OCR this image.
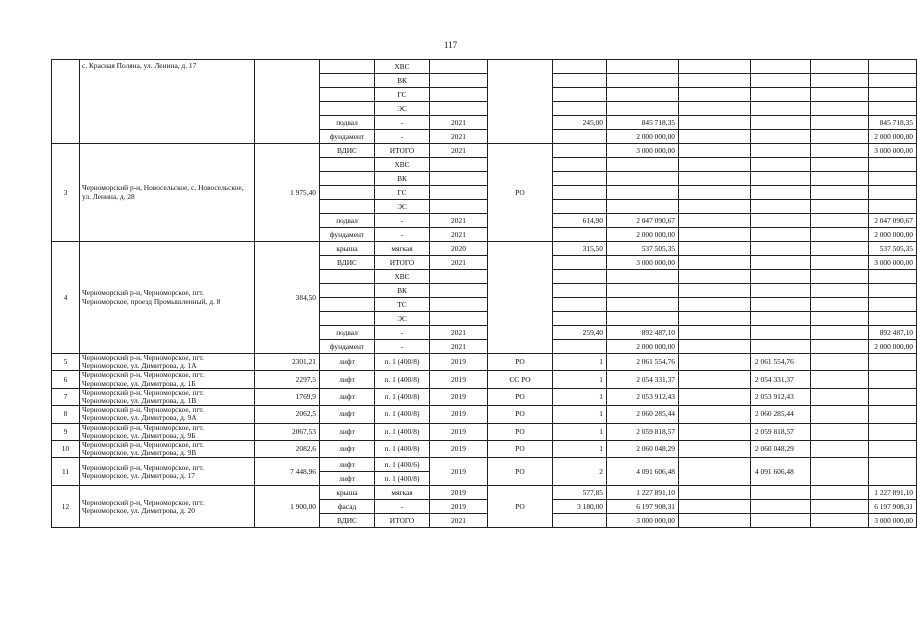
117
	с. Красная Поляна, ул. Ленина, д. 17			ХВС								
				ВК								
				ГС								
				ЭС								
			подвал	-	2021		245,00	845 718,35				845 718,35
			фундамент	-	2021			2 000 000,00				2 000 000,00
3	Черноморский р-н, Новосельское, с. Новосельское, ул. Ленина, д. 28	1 975,40	ВДИС	ИТОГО	2021	РО		3 000 000,00				3 000 000,00
				ХВС								
				ВК								
				ГС								
				ЭС								
			подвал	-	2021		614,90	2 047 090,67				2 047 090,67
			фундамент	-	2021			2 000 000,00				2 000 000,00
4	Черноморский р-н, Черноморское, пгт. Черноморское, проезд Промышленный, д. 8	384,50	крыша	мягкая	2020		315,50	537 505,35				537 505,35
			ВДИС	ИТОГО	2021			3 000 000,00				3 000 000,00
				ХВС								
				ВК								
				ТС								
				ЭС								
			подвал	-	2021		259,40	892 487,10				892 487,10
			фундамент	-	2021			2 000 000,00				2 000 000,00
5	Черноморский р-н, Черноморское, пгт. Черноморское, ул. Димитрова, д. 1А	2301,21	лифт	п. 1 (400/8)	2019	РО	1	2 061 554,76		2 061 554,76		
6	Черноморский р-н, Черноморское, пгт. Черноморское, ул. Димитрова, д. 1Б	2297,5	лифт	п. 1 (400/8)	2019	СС РО	1	2 054 331,37		2 054 331,37		
7	Черноморский р-н, Черноморское, пгт. Черноморское, ул. Димитрова, д. 1В	1769,9	лифт	п. 1 (400/8)	2019	РО	1	2 053 912,43		2 053 912,43		
8	Черноморский р-н, Черноморское, пгт. Черноморское, ул. Димитрова, д. 9А	2062,5	лифт	п. 1 (400/8)	2019	РО	1	2 060 285,44		2 060 285,44		
9	Черноморский р-н, Черноморское, пгт. Черноморское, ул. Димитрова, д. 9Б	2067,53	лифт	п. 1 (400/8)	2019	РО	1	2 059 818,57		2 059 818,57		
10	Черноморский р-н, Черноморское, пгт. Черноморское, ул. Димитрова, д. 9В	2082,6	лифт	п. 1 (400/8)	2019	РО	1	2 060 048,29		2 060 048,29		
11	Черноморский р-н, Черноморское, пгт. Черноморское, ул. Димитрова, д. 17	7 448,96	лифт	п. 1 (400/6)	2019	РО	2	4 091 606,48		4 091 606,48		
			лифт	п. 1 (400/8)								
12	Черноморский р-н, Черноморское, пгт. Черноморское, ул. Димитрова, д. 20	1 900,00	крыша	мягкая	2019	РО	577,85	1 227 891,10				1 227 891,10
			фасад	-	2019		3 180,00	6 197 908,31				6 197 908,31
			ВДИС	ИТОГО	2021			3 000 000,00				3 000 000,00
